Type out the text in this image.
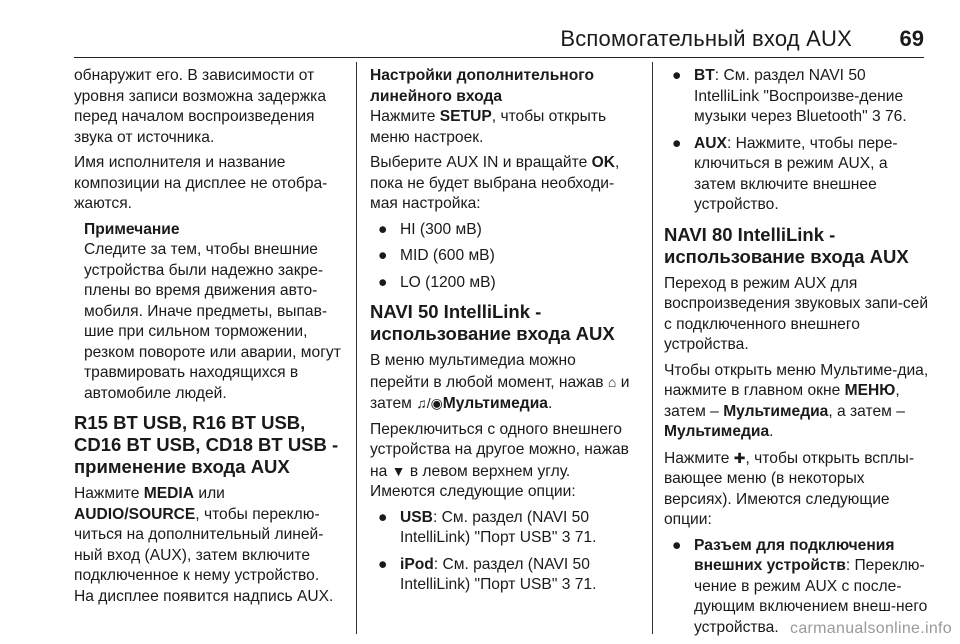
Вспомогательный вход AUX 69

обнаружит его. В зависимости от уровня записи возможна задержка перед началом воспроизведения звука от источника.

Имя исполнителя и название композиции на дисплее не отобра-жаются.

Примечание

Следите за тем, чтобы внешние устройства были надежно закре-плены во время движения авто-мобиля. Иначе предметы, выпав-шие при сильном торможении, резком повороте или аварии, могут травмировать находящихся в автомобиле людей.

R15 BT USB, R16 BT USB, CD16 BT USB, CD18 BT USB - применение входа AUX

Нажмите MEDIA или AUDIO/SOURCE, чтобы переклю-читься на дополнительный линей-ный вход (AUX), затем включите подключенное к нему устройство. На дисплее появится надпись AUX.

Настройки дополнительного линейного входа

Нажмите SETUP, чтобы открыть меню настроек.

Выберите AUX IN и вращайте OK, пока не будет выбрана необходи-мая настройка:

● HI (300 мВ)
● MID (600 мВ)
● LO (1200 мВ)
NAVI 50 IntelliLink - использование входа AUX

В меню мультимедиа можно перейти в любой момент, нажав ⌂ и затем ♫/◉Мультимедиа.

Переключиться с одного внешнего устройства на другое можно, нажав на ▼ в левом верхнем углу. Имеются следующие опции:

● USB: См. раздел (NAVI 50 IntelliLink) "Порт USB" 3 71.
● iPod: См. раздел (NAVI 50 IntelliLink) "Порт USB" 3 71.
● BT: См. раздел NAVI 50 IntelliLink "Воспроизве-дение музыки через Bluetooth" 3 76.
● AUX: Нажмите, чтобы пере-ключиться в режим AUX, а затем включите внешнее устройство.
NAVI 80 IntelliLink - использование входа AUX

Переход в режим AUX для воспроизведения звуковых запи-сей с подключенного внешнего устройства.

Чтобы открыть меню Мультиме-диа, нажмите в главном окне МЕНЮ, затем – Мультимедиа, а затем – Мультимедиа.

Нажмите ✚, чтобы открыть всплы-вающее меню (в некоторых версиях). Имеются следующие опции:

● Разъем для подключения внешних устройств: Переклю-чение в режим AUX с после-дующим включением внеш-него устройства. carmanualsonline.info
